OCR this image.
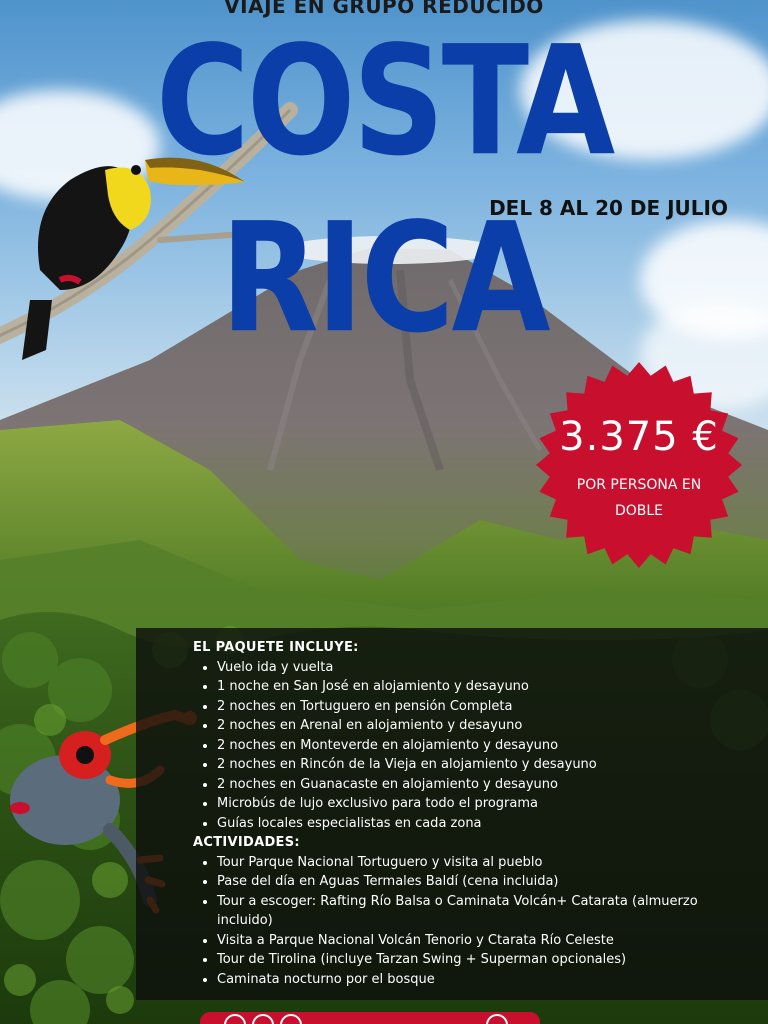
VIAJE EN GRUPO REDUCIDO
COSTA RICA
DEL 8 AL 20 DE JULIO
3.375 €
POR PERSONA EN DOBLE
EL PAQUETE INCLUYE:
Vuelo ida y vuelta
1 noche en San José en alojamiento y desayuno
2 noches en Tortuguero en pensión Completa
2 noches en Arenal en alojamiento y desayuno
2 noches en Monteverde en alojamiento y desayuno
2 noches en Rincón de la Vieja en alojamiento y desayuno
2 noches en Guanacaste en alojamiento y desayuno
Microbús de lujo exclusivo para todo el programa
Guías locales especialistas en cada zona
ACTIVIDADES:
Tour Parque Nacional Tortuguero y visita al pueblo
Pase del día en Aguas Termales Baldí (cena incluida)
Tour a escoger: Rafting Río Balsa o Caminata Volcán+ Catarata (almuerzo incluido)
Visita a Parque Nacional Volcán Tenorio y Ctarata Río Celeste
Tour de Tirolina (incluye Tarzan Swing + Superman opcionales)
Caminata nocturno por el bosque
